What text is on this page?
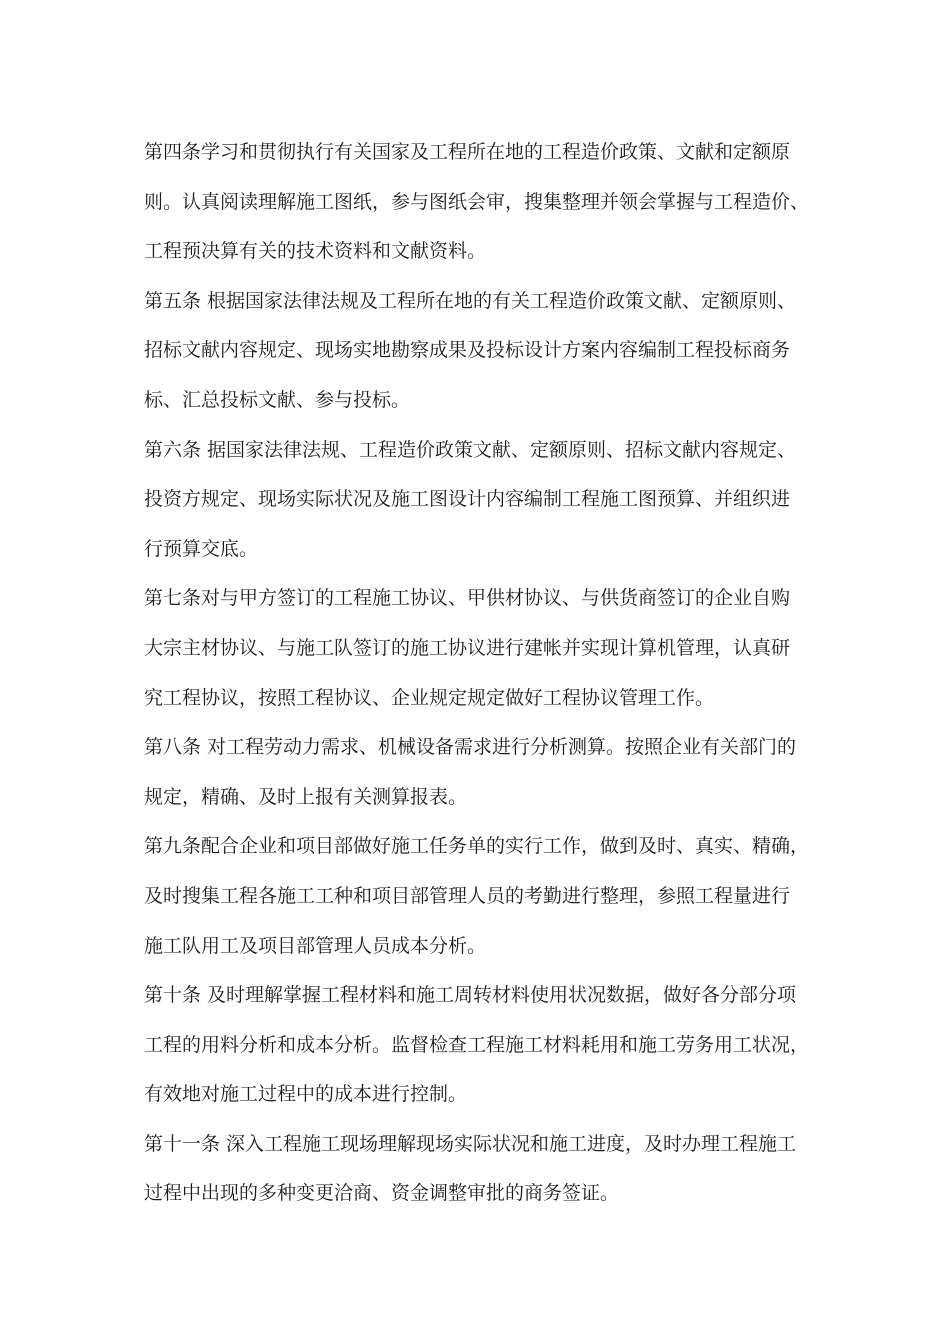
第四条学习和贯彻执行有关国家及工程所在地的工程造价政策、文献和定额原
则。认真阅读理解施工图纸，参与图纸会审，搜集整理并领会掌握与工程造价、
工程预决算有关的技术资料和文献资料。
第五条 根据国家法律法规及工程所在地的有关工程造价政策文献、定额原则、
招标文献内容规定、现场实地勘察成果及投标设计方案内容编制工程投标商务
标、汇总投标文献、参与投标。
第六条 据国家法律法规、工程造价政策文献、定额原则、招标文献内容规定、
投资方规定、现场实际状况及施工图设计内容编制工程施工图预算、并组织进
行预算交底。
第七条对与甲方签订的工程施工协议、甲供材协议、与供货商签订的企业自购
大宗主材协议、与施工队签订的施工协议进行建帐并实现计算机管理，认真研
究工程协议，按照工程协议、企业规定规定做好工程协议管理工作。
第八条 对工程劳动力需求、机械设备需求进行分析测算。按照企业有关部门的
规定，精确、及时上报有关测算报表。
第九条配合企业和项目部做好施工任务单的实行工作，做到及时、真实、精确，
及时搜集工程各施工工种和项目部管理人员的考勤进行整理，参照工程量进行
施工队用工及项目部管理人员成本分析。
第十条 及时理解掌握工程材料和施工周转材料使用状况数据，做好各分部分项
工程的用料分析和成本分析。监督检查工程施工材料耗用和施工劳务用工状况，
有效地对施工过程中的成本进行控制。
第十一条 深入工程施工现场理解现场实际状况和施工进度，及时办理工程施工
过程中出现的多种变更洽商、资金调整审批的商务签证。
